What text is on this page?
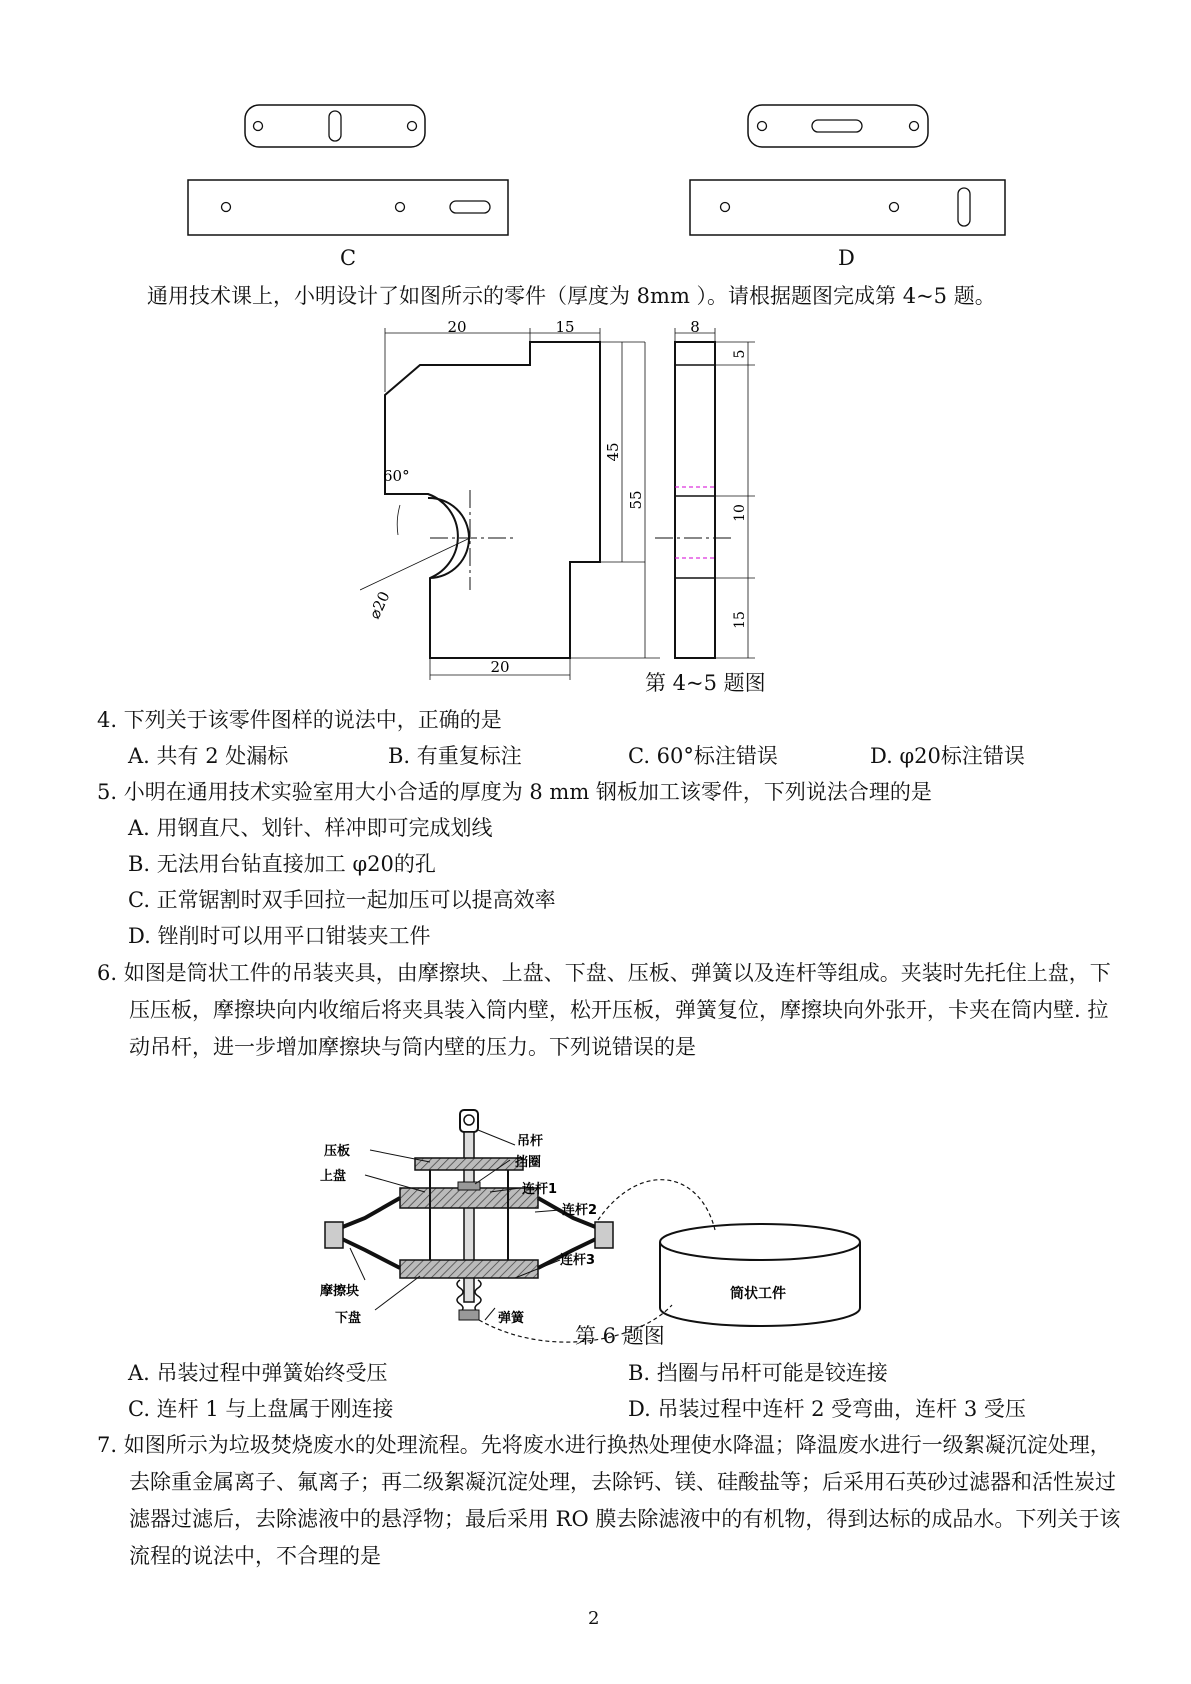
C	D
通用技术课上，小明设计了如图所示的零件（厚度为 8mm ）。请根据题图完成第 4~5 题。
20	15
45
55
60°
⌀20
20
8
5
10
15
第 4~5 题图
4. 下列关于该零件图样的说法中，正确的是
A. 共有 2 处漏标	B. 有重复标注	C. 60°标注错误	D. φ20标注错误
5. 小明在通用技术实验室用大小合适的厚度为 8 mm 钢板加工该零件，下列说法合理的是
A. 用钢直尺、划针、样冲即可完成划线
B. 无法用台钻直接加工 φ20的孔
C. 正常锯割时双手回拉一起加压可以提高效率
D. 锉削时可以用平口钳装夹工件
6. 如图是筒状工件的吊装夹具，由摩擦块、上盘、下盘、压板、弹簧以及连杆等组成。夹装时先托住上盘，下压压板，摩擦块向内收缩后将夹具装入筒内壁，松开压板，弹簧复位，摩擦块向外张开，卡夹在筒内壁. 拉动吊杆，进一步增加摩擦块与筒内壁的压力。下列说错误的是
压板
上盘
吊杆
挡圈
连杆1
连杆2
连杆3
摩擦块
下盘	弹簧
筒状工件
第 6 题图
A. 吊装过程中弹簧始终受压	B. 挡圈与吊杆可能是铰连接
C. 连杆 1 与上盘属于刚连接	D. 吊装过程中连杆 2 受弯曲，连杆 3 受压
7. 如图所示为垃圾焚烧废水的处理流程。先将废水进行换热处理使水降温；降温废水进行一级絮凝沉淀处理，去除重金属离子、氟离子；再二级絮凝沉淀处理，去除钙、镁、硅酸盐等；后采用石英砂过滤器和活性炭过滤器过滤后，去除滤液中的悬浮物；最后采用 RO 膜去除滤液中的有机物，得到达标的成品水。下列关于该流程的说法中，不合理的是
2
